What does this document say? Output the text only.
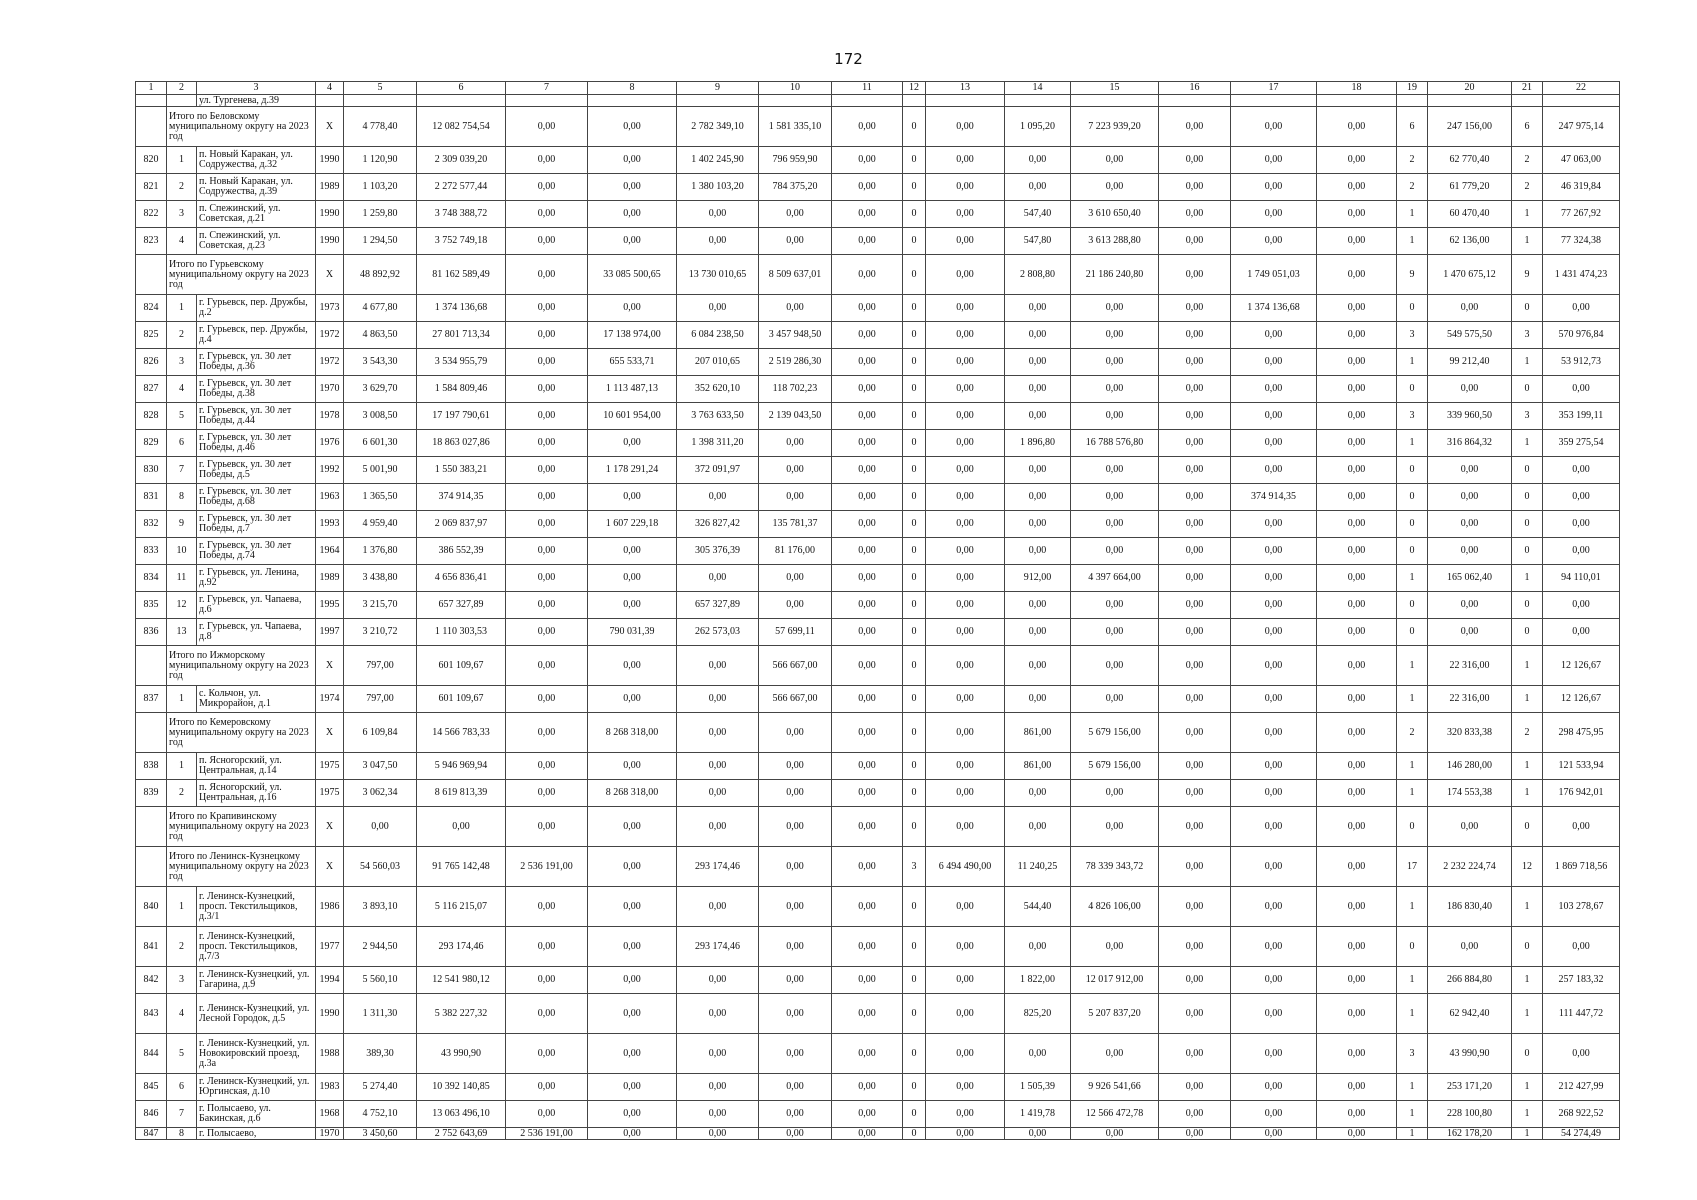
172
1	2	3	4	5	6	7	8	9	10	11	12	13	14	15	16	17	18	19	20	21	22
		ул. Тургенева, д.39																			
	Итого по Беловскому муниципальному округу на 2023 год		X	4 778,40	12 082 754,54	0,00	0,00	2 782 349,10	1 581 335,10	0,00	0	0,00	1 095,20	7 223 939,20	0,00	0,00	0,00	6	247 156,00	6	247 975,14
820	1	п. Новый Каракан, ул. Содружества, д.32	1990	1 120,90	2 309 039,20	0,00	0,00	1 402 245,90	796 959,90	0,00	0	0,00	0,00	0,00	0,00	0,00	0,00	2	62 770,40	2	47 063,00
821	2	п. Новый Каракан, ул. Содружества, д.39	1989	1 103,20	2 272 577,44	0,00	0,00	1 380 103,20	784 375,20	0,00	0	0,00	0,00	0,00	0,00	0,00	0,00	2	61 779,20	2	46 319,84
822	3	п. Спежинский, ул. Советская, д.21	1990	1 259,80	3 748 388,72	0,00	0,00	0,00	0,00	0,00	0	0,00	547,40	3 610 650,40	0,00	0,00	0,00	1	60 470,40	1	77 267,92
823	4	п. Спежинский, ул. Советская, д.23	1990	1 294,50	3 752 749,18	0,00	0,00	0,00	0,00	0,00	0	0,00	547,80	3 613 288,80	0,00	0,00	0,00	1	62 136,00	1	77 324,38
	Итого по Гурьевскому муниципальному округу на 2023 год		X	48 892,92	81 162 589,49	0,00	33 085 500,65	13 730 010,65	8 509 637,01	0,00	0	0,00	2 808,80	21 186 240,80	0,00	1 749 051,03	0,00	9	1 470 675,12	9	1 431 474,23
824	1	г. Гурьевск, пер. Дружбы, д.2	1973	4 677,80	1 374 136,68	0,00	0,00	0,00	0,00	0,00	0	0,00	0,00	0,00	0,00	1 374 136,68	0,00	0	0,00	0	0,00
825	2	г. Гурьевск, пер. Дружбы, д.4	1972	4 863,50	27 801 713,34	0,00	17 138 974,00	6 084 238,50	3 457 948,50	0,00	0	0,00	0,00	0,00	0,00	0,00	0,00	3	549 575,50	3	570 976,84
826	3	г. Гурьевск, ул. 30 лет Победы, д.36	1972	3 543,30	3 534 955,79	0,00	655 533,71	207 010,65	2 519 286,30	0,00	0	0,00	0,00	0,00	0,00	0,00	0,00	1	99 212,40	1	53 912,73
827	4	г. Гурьевск, ул. 30 лет Победы, д.38	1970	3 629,70	1 584 809,46	0,00	1 113 487,13	352 620,10	118 702,23	0,00	0	0,00	0,00	0,00	0,00	0,00	0,00	0	0,00	0	0,00
828	5	г. Гурьевск, ул. 30 лет Победы, д.44	1978	3 008,50	17 197 790,61	0,00	10 601 954,00	3 763 633,50	2 139 043,50	0,00	0	0,00	0,00	0,00	0,00	0,00	0,00	3	339 960,50	3	353 199,11
829	6	г. Гурьевск, ул. 30 лет Победы, д.46	1976	6 601,30	18 863 027,86	0,00	0,00	1 398 311,20	0,00	0,00	0	0,00	1 896,80	16 788 576,80	0,00	0,00	0,00	1	316 864,32	1	359 275,54
830	7	г. Гурьевск, ул. 30 лет Победы, д.5	1992	5 001,90	1 550 383,21	0,00	1 178 291,24	372 091,97	0,00	0,00	0	0,00	0,00	0,00	0,00	0,00	0,00	0	0,00	0	0,00
831	8	г. Гурьевск, ул. 30 лет Победы, д.68	1963	1 365,50	374 914,35	0,00	0,00	0,00	0,00	0,00	0	0,00	0,00	0,00	0,00	374 914,35	0,00	0	0,00	0	0,00
832	9	г. Гурьевск, ул. 30 лет Победы, д.7	1993	4 959,40	2 069 837,97	0,00	1 607 229,18	326 827,42	135 781,37	0,00	0	0,00	0,00	0,00	0,00	0,00	0,00	0	0,00	0	0,00
833	10	г. Гурьевск, ул. 30 лет Победы, д.74	1964	1 376,80	386 552,39	0,00	0,00	305 376,39	81 176,00	0,00	0	0,00	0,00	0,00	0,00	0,00	0,00	0	0,00	0	0,00
834	11	г. Гурьевск, ул. Ленина, д.92	1989	3 438,80	4 656 836,41	0,00	0,00	0,00	0,00	0,00	0	0,00	912,00	4 397 664,00	0,00	0,00	0,00	1	165 062,40	1	94 110,01
835	12	г. Гурьевск, ул. Чапаева, д.6	1995	3 215,70	657 327,89	0,00	0,00	657 327,89	0,00	0,00	0	0,00	0,00	0,00	0,00	0,00	0,00	0	0,00	0	0,00
836	13	г. Гурьевск, ул. Чапаева, д.8	1997	3 210,72	1 110 303,53	0,00	790 031,39	262 573,03	57 699,11	0,00	0	0,00	0,00	0,00	0,00	0,00	0,00	0	0,00	0	0,00
	Итого по Ижморскому муниципальному округу на 2023 год		X	797,00	601 109,67	0,00	0,00	0,00	566 667,00	0,00	0	0,00	0,00	0,00	0,00	0,00	0,00	1	22 316,00	1	12 126,67
837	1	с. Кольчон, ул. Микрорайон, д.1	1974	797,00	601 109,67	0,00	0,00	0,00	566 667,00	0,00	0	0,00	0,00	0,00	0,00	0,00	0,00	1	22 316,00	1	12 126,67
	Итого по Кемеровскому муниципальному округу на 2023 год		X	6 109,84	14 566 783,33	0,00	8 268 318,00	0,00	0,00	0,00	0	0,00	861,00	5 679 156,00	0,00	0,00	0,00	2	320 833,38	2	298 475,95
838	1	п. Ясногорский, ул. Центральная, д.14	1975	3 047,50	5 946 969,94	0,00	0,00	0,00	0,00	0,00	0	0,00	861,00	5 679 156,00	0,00	0,00	0,00	1	146 280,00	1	121 533,94
839	2	п. Ясногорский, ул. Центральная, д.16	1975	3 062,34	8 619 813,39	0,00	8 268 318,00	0,00	0,00	0,00	0	0,00	0,00	0,00	0,00	0,00	0,00	1	174 553,38	1	176 942,01
	Итого по Крапивинскому муниципальному округу на 2023 год		X	0,00	0,00	0,00	0,00	0,00	0,00	0,00	0	0,00	0,00	0,00	0,00	0,00	0,00	0	0,00	0	0,00
	Итого по Ленинск-Кузнецкому муниципальному округу на 2023 год		X	54 560,03	91 765 142,48	2 536 191,00	0,00	293 174,46	0,00	0,00	3	6 494 490,00	11 240,25	78 339 343,72	0,00	0,00	0,00	17	2 232 224,74	12	1 869 718,56
840	1	г. Ленинск-Кузнецкий, просп. Текстильщиков, д.3/1	1986	3 893,10	5 116 215,07	0,00	0,00	0,00	0,00	0,00	0	0,00	544,40	4 826 106,00	0,00	0,00	0,00	1	186 830,40	1	103 278,67
841	2	г. Ленинск-Кузнецкий, просп. Текстильщиков, д.7/3	1977	2 944,50	293 174,46	0,00	0,00	293 174,46	0,00	0,00	0	0,00	0,00	0,00	0,00	0,00	0,00	0	0,00	0	0,00
842	3	г. Ленинск-Кузнецкий, ул. Гагарина, д.9	1994	5 560,10	12 541 980,12	0,00	0,00	0,00	0,00	0,00	0	0,00	1 822,00	12 017 912,00	0,00	0,00	0,00	1	266 884,80	1	257 183,32
843	4	г. Ленинск-Кузнецкий, ул. Лесной Городок, д.5	1990	1 311,30	5 382 227,32	0,00	0,00	0,00	0,00	0,00	0	0,00	825,20	5 207 837,20	0,00	0,00	0,00	1	62 942,40	1	111 447,72
844	5	г. Ленинск-Кузнецкий, ул. Новокировский проезд, д.3а	1988	389,30	43 990,90	0,00	0,00	0,00	0,00	0,00	0	0,00	0,00	0,00	0,00	0,00	0,00	3	43 990,90	0	0,00
845	6	г. Ленинск-Кузнецкий, ул. Юргинская, д.10	1983	5 274,40	10 392 140,85	0,00	0,00	0,00	0,00	0,00	0	0,00	1 505,39	9 926 541,66	0,00	0,00	0,00	1	253 171,20	1	212 427,99
846	7	г. Полысаево, ул. Бакинская, д.6	1968	4 752,10	13 063 496,10	0,00	0,00	0,00	0,00	0,00	0	0,00	1 419,78	12 566 472,78	0,00	0,00	0,00	1	228 100,80	1	268 922,52
847	8	г. Полысаево,	1970	3 450,60	2 752 643,69	2 536 191,00	0,00	0,00	0,00	0,00	0	0,00	0,00	0,00	0,00	0,00	0,00	1	162 178,20	1	54 274,49
